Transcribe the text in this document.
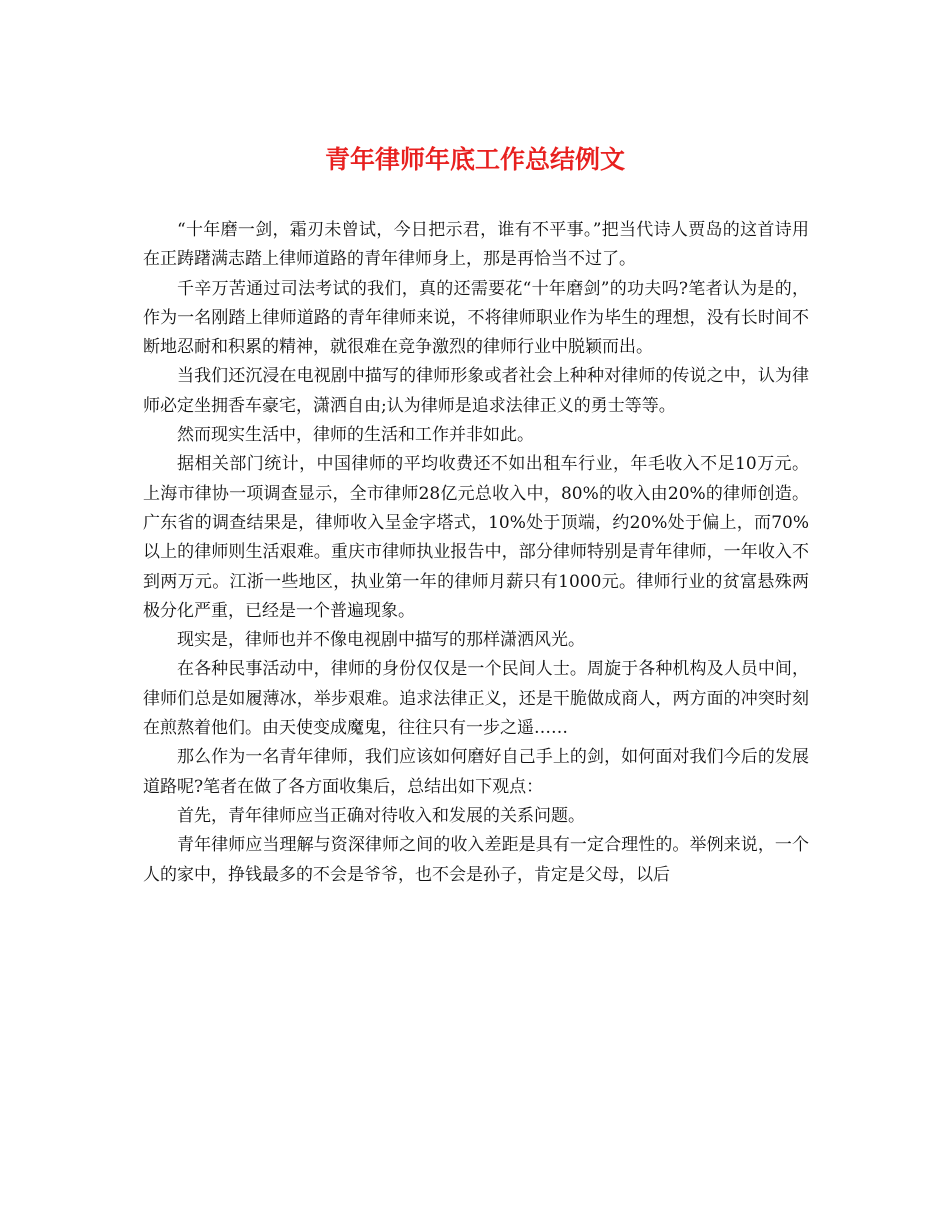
青年律师年底工作总结例文

“十年磨一剑，霜刃未曾试，今日把示君，谁有不平事。”把当代诗人贾岛的这首诗用在正踌躇满志踏上律师道路的青年律师身上，那是再恰当不过了。

千辛万苦通过司法考试的我们，真的还需要花“十年磨剑”的功夫吗?笔者认为是的，作为一名刚踏上律师道路的青年律师来说，不将律师职业作为毕生的理想，没有长时间不断地忍耐和积累的精神，就很难在竞争激烈的律师行业中脱颖而出。

当我们还沉浸在电视剧中描写的律师形象或者社会上种种对律师的传说之中，认为律师必定坐拥香车豪宅，潇洒自由;认为律师是追求法律正义的勇士等等。

然而现实生活中，律师的生活和工作并非如此。

据相关部门统计，中国律师的平均收费还不如出租车行业，年毛收入不足10万元。上海市律协一项调查显示，全市律师28亿元总收入中，80%的收入由20%的律师创造。广东省的调查结果是，律师收入呈金字塔式，10%处于顶端，约20%处于偏上，而70%以上的律师则生活艰难。重庆市律师执业报告中，部分律师特别是青年律师，一年收入不到两万元。江浙一些地区，执业第一年的律师月薪只有1000元。律师行业的贫富悬殊两极分化严重，已经是一个普遍现象。

现实是，律师也并不像电视剧中描写的那样潇洒风光。

在各种民事活动中，律师的身份仅仅是一个民间人士。周旋于各种机构及人员中间，律师们总是如履薄冰，举步艰难。追求法律正义，还是干脆做成商人，两方面的冲突时刻在煎熬着他们。由天使变成魔鬼，往往只有一步之遥……

那么作为一名青年律师，我们应该如何磨好自己手上的剑，如何面对我们今后的发展道路呢?笔者在做了各方面收集后，总结出如下观点：

首先，青年律师应当正确对待收入和发展的关系问题。

青年律师应当理解与资深律师之间的收入差距是具有一定合理性的。举例来说，一个人的家中，挣钱最多的不会是爷爷，也不会是孙子，肯定是父母，以后
